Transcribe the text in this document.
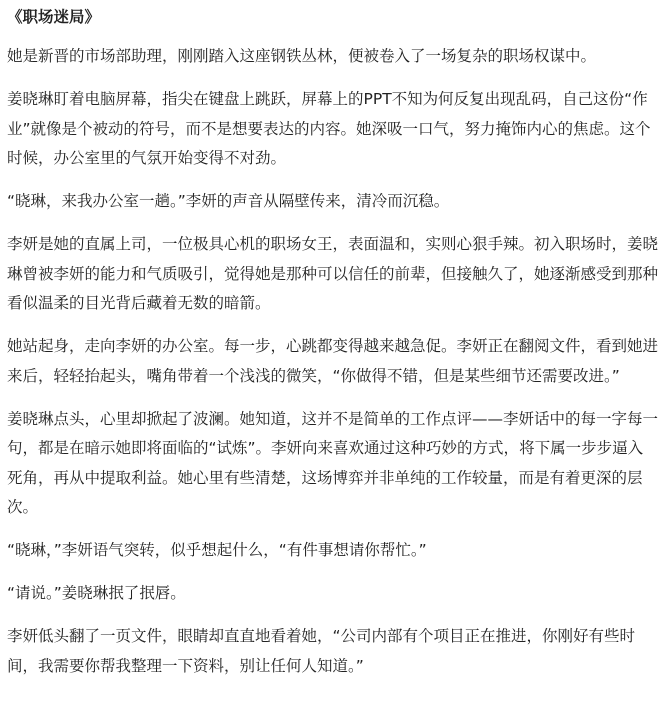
《职场迷局》

她是新晋的市场部助理，刚刚踏入这座钢铁丛林，便被卷入了一场复杂的职场权谋中。

姜晓琳盯着电脑屏幕，指尖在键盘上跳跃，屏幕上的PPT不知为何反复出现乱码，自己这份“作业”就像是个被动的符号，而不是想要表达的内容。她深吸一口气，努力掩饰内心的焦虑。这个时候，办公室里的气氛开始变得不对劲。

“晓琳，来我办公室一趟。”李妍的声音从隔壁传来，清冷而沉稳。

李妍是她的直属上司，一位极具心机的职场女王，表面温和，实则心狠手辣。初入职场时，姜晓琳曾被李妍的能力和气质吸引，觉得她是那种可以信任的前辈，但接触久了，她逐渐感受到那种看似温柔的目光背后藏着无数的暗箭。

她站起身，走向李妍的办公室。每一步，心跳都变得越来越急促。李妍正在翻阅文件，看到她进来后，轻轻抬起头，嘴角带着一个浅浅的微笑，“你做得不错，但是某些细节还需要改进。”

姜晓琳点头，心里却掀起了波澜。她知道，这并不是简单的工作点评——李妍话中的每一字每一句，都是在暗示她即将面临的“试炼”。李妍向来喜欢通过这种巧妙的方式，将下属一步步逼入死角，再从中提取利益。她心里有些清楚，这场博弈并非单纯的工作较量，而是有着更深的层次。

“晓琳，”李妍语气突转，似乎想起什么，“有件事想请你帮忙。”

“请说。”姜晓琳抿了抿唇。

李妍低头翻了一页文件，眼睛却直直地看着她，“公司内部有个项目正在推进，你刚好有些时间，我需要你帮我整理一下资料，别让任何人知道。”
